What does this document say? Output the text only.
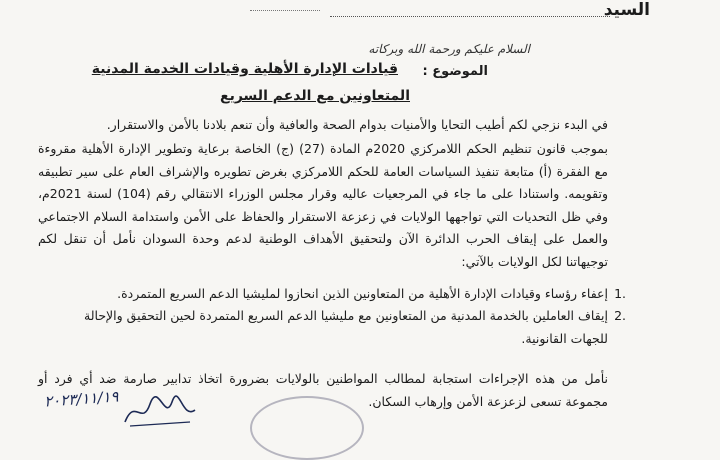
السيد
السلام عليكم ورحمة الله وبركاته
الموضوع :
قيادات الإدارة الأهلية وقيادات الخدمة المدنية
المتعاونين مع الدعم السريع
في البدء نزجي لكم أطيب التحايا والأمنيات بدوام الصحة والعافية وأن تنعم بلادنا بالأمن والاستقرار.
بموجب قانون تنظيم الحكم اللامركزي 2020م المادة (27) (ج) الخاصة برعاية وتطوير الإدارة الأهلية مقروءة مع الفقرة (أ) متابعة تنفيذ السياسات العامة للحكم اللامركزي بغرض تطويره والإشراف العام على سير تطبيقه وتقويمه. واستنادا على ما جاء في المرجعيات عاليه وقرار مجلس الوزراء الانتقالي رقم (104) لسنة 2021م، وفي ظل التحديات التي تواجهها الولايات في زعزعة الاستقرار والحفاظ على الأمن واستدامة السلام الاجتماعي والعمل على إيقاف الحرب الدائرة الآن ولتحقيق الأهداف الوطنية لدعم وحدة السودان نأمل أن تنقل لكم توجيهاتنا لكل الولايات بالآتي:
.1
إعفاء رؤساء وقيادات الإدارة الأهلية من المتعاونين الذين انحازوا لمليشيا الدعم السريع المتمردة.
.2
إيقاف العاملين بالخدمة المدنية من المتعاونين مع مليشيا الدعم السريع المتمردة لحين التحقيق والإحالة للجهات القانونية.
نأمل من هذه الإجراءات استجابة لمطالب المواطنين بالولايات بضرورة اتخاذ تدابير صارمة ضد أي فرد أو مجموعة تسعى لزعزعة الأمن وإرهاب السكان.
٢٠٢٣/١١/١٩
